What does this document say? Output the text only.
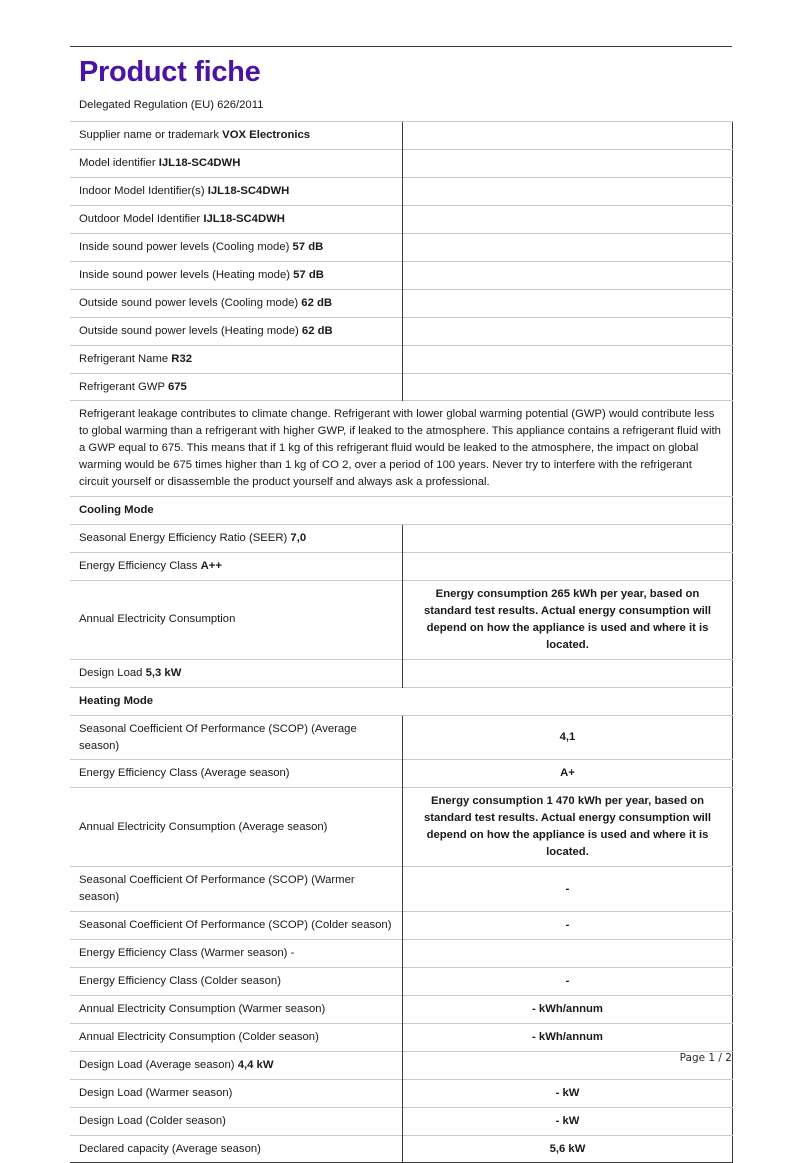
Product fiche

Delegated Regulation (EU) 626/2011

Supplier name or trademark VOX Electronics	
Model identifier IJL18-SC4DWH	
Indoor Model Identifier(s) IJL18-SC4DWH	
Outdoor Model Identifier IJL18-SC4DWH	
Inside sound power levels (Cooling mode) 57 dB	
Inside sound power levels (Heating mode) 57 dB	
Outside sound power levels (Cooling mode) 62 dB	
Outside sound power levels (Heating mode) 62 dB	
Refrigerant Name R32	
Refrigerant GWP 675	
Refrigerant leakage contributes to climate change. Refrigerant with lower global warming potential (GWP) would contribute less to global warming than a refrigerant with higher GWP, if leaked to the atmosphere. This appliance contains a refrigerant fluid with a GWP equal to 675. This means that if 1 kg of this refrigerant fluid would be leaked to the atmosphere, the impact on global warming would be 675 times higher than 1 kg of CO 2, over a period of 100 years. Never try to interfere with the refrigerant circuit yourself or disassemble the product yourself and always ask a professional.	
Cooling Mode	
Seasonal Energy Efficiency Ratio (SEER) 7,0	
Energy Efficiency Class A++	
Annual Electricity Consumption	Energy consumption 265 kWh per year, based on standard test results. Actual energy consumption will depend on how the appliance is used and where it is located.
Design Load 5,3 kW	
Heating Mode	
Seasonal Coefficient Of Performance (SCOP) (Average season)	4,1
Energy Efficiency Class (Average season)	A+
Annual Electricity Consumption (Average season)	Energy consumption 1 470 kWh per year, based on standard test results. Actual energy consumption will depend on how the appliance is used and where it is located.
Seasonal Coefficient Of Performance (SCOP) (Warmer season)	-
Seasonal Coefficient Of Performance (SCOP) (Colder season)	-
Energy Efficiency Class (Warmer season) -	
Energy Efficiency Class (Colder season)	-
Annual Electricity Consumption (Warmer season)	- kWh/annum
Annual Electricity Consumption (Colder season)	- kWh/annum
Design Load (Average season) 4,4 kW	
Design Load (Warmer season)	- kW
Design Load (Colder season)	- kW
Declared capacity (Average season)	5,6 kW
Page 1 / 2
